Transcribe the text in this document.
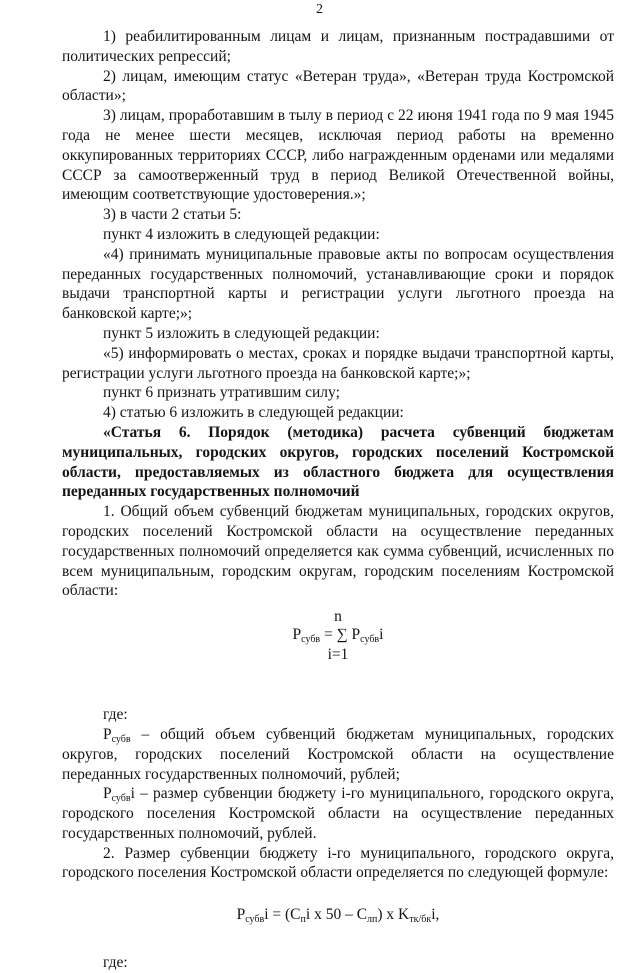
2

1) реабилитированным лицам и лицам, признанным пострадавшими от политических репрессий;

2) лицам, имеющим статус «Ветеран труда», «Ветеран труда Костромской области»;

3) лицам, проработавшим в тылу в период с 22 июня 1941 года по 9 мая 1945 года не менее шести месяцев, исключая период работы на временно оккупированных территориях СССР, либо награжденным орденами или медалями СССР за самоотверженный труд в период Великой Отечественной войны, имеющим соответствующие удостоверения.»;

3) в части 2 статьи 5:

пункт 4 изложить в следующей редакции:

«4) принимать муниципальные правовые акты по вопросам осуществления переданных государственных полномочий, устанавливающие сроки и порядок выдачи транспортной карты и регистрации услуги льготного проезда на банковской карте;»;

пункт 5 изложить в следующей редакции:

«5) информировать о местах, сроках и порядке выдачи транспортной карты, регистрации услуги льготного проезда на банковской карте;»;

пункт 6 признать утратившим силу;

4) статью 6 изложить в следующей редакции:

«Статья 6. Порядок (методика) расчета субвенций бюджетам муниципальных, городских округов, городских поселений Костромской области, предоставляемых из областного бюджета для осуществления переданных государственных полномочий

1. Общий объем субвенций бюджетам муниципальных, городских округов, городских поселений Костромской области на осуществление переданных государственных полномочий определяется как сумма субвенций, исчисленных по всем муниципальным, городским округам, городским поселениям Костромской области:

n
$P_{субв}$ = ∑ $P_{субв}i$
i=1

где:

$P_{субв}$ – общий объем субвенций бюджетам муниципальных, городских округов, городских поселений Костромской области на осуществление переданных государственных полномочий, рублей;

$P_{субв}i$ – размер субвенции бюджету i-го муниципального, городского округа, городского поселения Костромской области на осуществление переданных государственных полномочий, рублей.

2. Размер субвенции бюджету i-го муниципального, городского округа, городского поселения Костромской области определяется по следующей формуле:

$P_{субв}i = (C_пi$ x $50 - C_{лп}$) x $K_{тк/бк}i$,

где:
